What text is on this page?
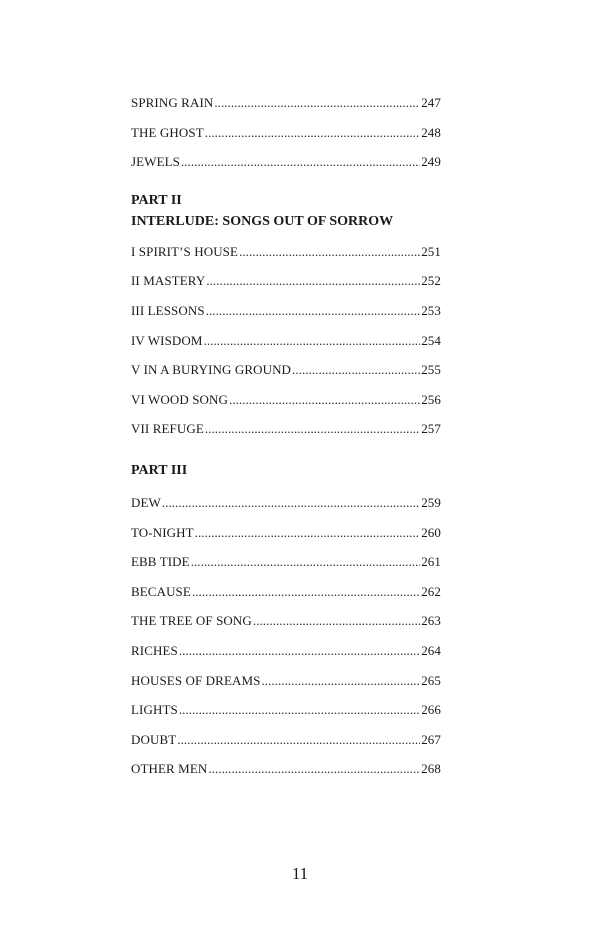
SPRING RAIN . . .	247
THE GHOST . . .	248
JEWELS . . .	249
PART II
INTERLUDE: SONGS OUT OF SORROW
I SPIRIT’S HOUSE . . .	251
II MASTERY . . .	252
III LESSONS . . .	253
IV WISDOM . . .	254
V IN A BURYING GROUND . . .	255
VI WOOD SONG . . .	256
VII REFUGE . . .	257
PART III
DEW . . .	259
TO-NIGHT . . .	260
EBB TIDE . . .	261
BECAUSE . . .	262
THE TREE OF SONG . . .	263
RICHES . . .	264
HOUSES OF DREAMS . . .	265
LIGHTS . . .	266
DOUBT . . .	267
OTHER MEN . . .	268
11
